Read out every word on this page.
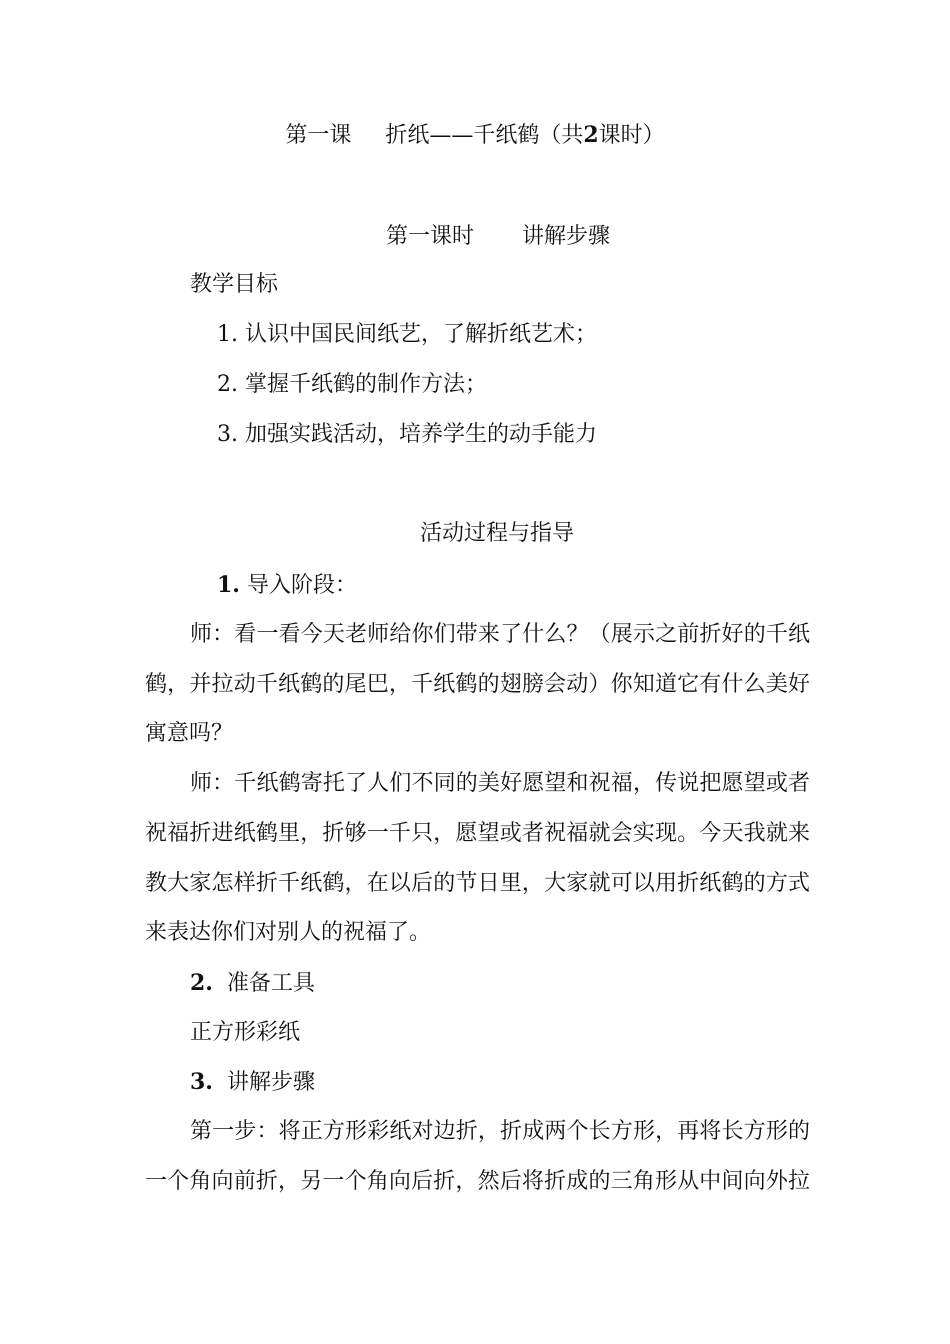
第一课 折纸——千纸鹤（共2课时）
第一课时 讲解步骤
教学目标
1. 认识中国民间纸艺，了解折纸艺术；
2. 掌握千纸鹤的制作方法；
3. 加强实践活动，培养学生的动手能力
活动过程与指导
1. 导入阶段：
师：看一看今天老师给你们带来了什么？（展示之前折好的千纸
鹤，并拉动千纸鹤的尾巴，千纸鹤的翅膀会动）你知道它有什么美好
寓意吗？
师：千纸鹤寄托了人们不同的美好愿望和祝福，传说把愿望或者
祝福折进纸鹤里，折够一千只，愿望或者祝福就会实现。今天我就来
教大家怎样折千纸鹤，在以后的节日里，大家就可以用折纸鹤的方式
来表达你们对别人的祝福了。
2. 准备工具
正方形彩纸
3. 讲解步骤
第一步：将正方形彩纸对边折，折成两个长方形，再将长方形的
一个角向前折，另一个角向后折，然后将折成的三角形从中间向外拉
